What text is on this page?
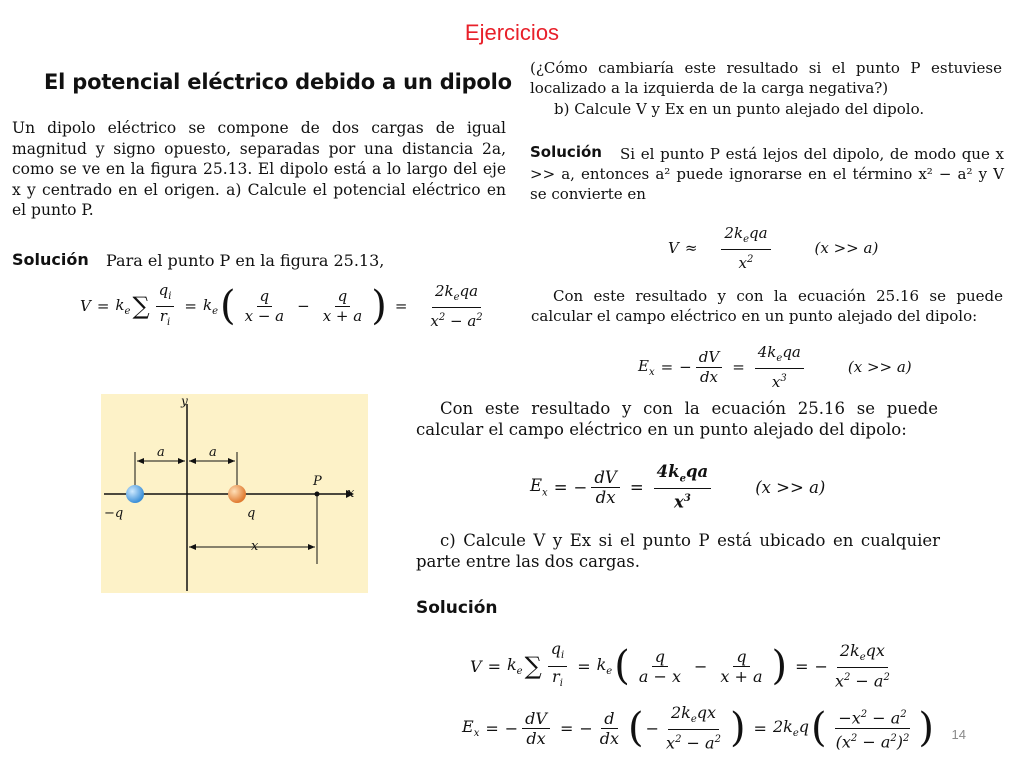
Ejercicios
El potencial eléctrico debido a un dipolo
Un dipolo eléctrico se compone de dos cargas de igual magnitud y signo opuesto, separadas por una distancia 2a, como se ve en la figura 25.13. El dipolo está a lo largo del eje x y centrado en el origen. a) Calcule el potencial eléctrico en el punto P.
Solución Para el punto P en la figura 25.13,
$V = k_e$ ∑ $\frac{q_i}{r_i} = k_e$ ( $\frac{q}{x - a} - \frac{q}{x + a}$ ) = $\frac{2k_eqa}{x^2 - a^2}$
y
x
a	a
−q	q
P
x
(¿Cómo cambiaría este resultado si el punto P estuviese localizado a la izquierda de la carga negativa?)
b) Calcule V y Ex en un punto alejado del dipolo.
Solución	Si el punto P está lejos del dipolo, de modo que x >> a, entonces a² puede ignorarse en el término x² − a² y V se convierte en
$V \approx \frac{2k_eqa}{x^2}$	(x >> a)
Con este resultado y con la ecuación 25.16 se puede calcular el campo eléctrico en un punto alejado del dipolo:
$E_x$ = − $\frac{dV}{dx} = \frac{4k_eqa}{x^3}$	(x >> a)
Con este resultado y con la ecuación 25.16 se puede calcular el campo eléctrico en un punto alejado del dipolo:
$E_x$ = − $\frac{dV}{dx} = \frac{4k_eqa}{x^3}$	(x >> a)
c) Calcule V y Ex si el punto P está ubicado en cualquier parte entre las dos cargas.
Solución
$V = k_e$ ∑ $\frac{q_i}{r_i} = k_e$ ( $\frac{q}{a - x} - \frac{q}{x + a}$ ) = − $\frac{2k_eqx}{x^2 - a^2}$
$E_x$ = − $\frac{dV}{dx}$ = − $\frac{d}{dx}$ ( − $\frac{2k_eqx}{x^2 - a^2}$ ) = $2k_eq$ ( $\frac{-x^2 - a^2}{(x^2 - a^2)^2}$ ) 14
